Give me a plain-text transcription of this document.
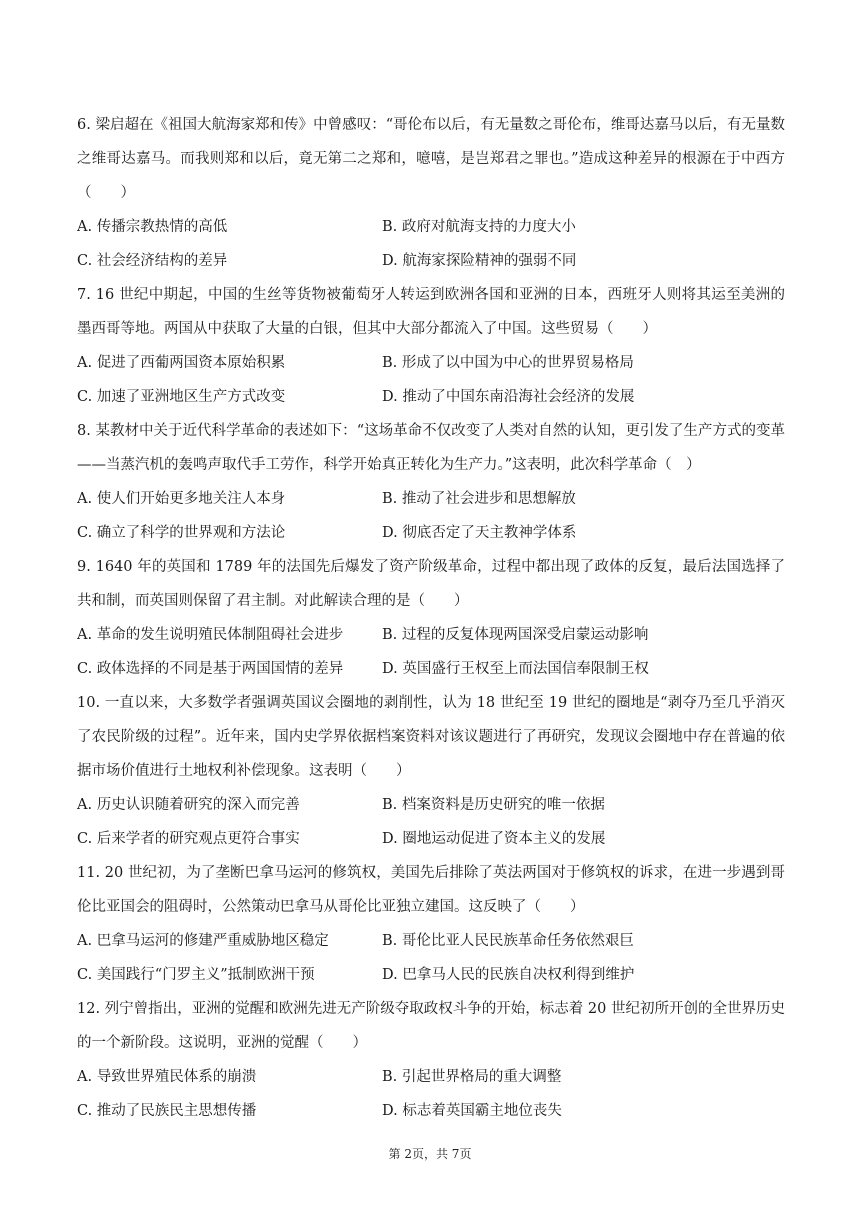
6. 梁启超在《祖国大航海家郑和传》中曾感叹：“哥伦布以后，有无量数之哥伦布，维哥达嘉马以后，有无量数之维哥达嘉马。而我则郑和以后，竟无第二之郑和，噫嘻，是岂郑君之罪也。”造成这种差异的根源在于中西方（　　）

A. 传播宗教热情的高低	B. 政府对航海支持的力度大小
C. 社会经济结构的差异	D. 航海家探险精神的强弱不同

7. 16 世纪中期起，中国的生丝等货物被葡萄牙人转运到欧洲各国和亚洲的日本，西班牙人则将其运至美洲的墨西哥等地。两国从中获取了大量的白银，但其中大部分都流入了中国。这些贸易（　　）

A. 促进了西葡两国资本原始积累	B. 形成了以中国为中心的世界贸易格局
C. 加速了亚洲地区生产方式改变	D. 推动了中国东南沿海社会经济的发展

8. 某教材中关于近代科学革命的表述如下：“这场革命不仅改变了人类对自然的认知，更引发了生产方式的变革——当蒸汽机的轰鸣声取代手工劳作，科学开始真正转化为生产力。”这表明，此次科学革命（　）

A. 使人们开始更多地关注人本身	B. 推动了社会进步和思想解放
C. 确立了科学的世界观和方法论	D. 彻底否定了天主教神学体系

9. 1640 年的英国和 1789 年的法国先后爆发了资产阶级革命，过程中都出现了政体的反复，最后法国选择了共和制，而英国则保留了君主制。对此解读合理的是（　　）

A. 革命的发生说明殖民体制阻碍社会进步	B. 过程的反复体现两国深受启蒙运动影响
C. 政体选择的不同是基于两国国情的差异	D. 英国盛行王权至上而法国信奉限制王权

10. 一直以来，大多数学者强调英国议会圈地的剥削性，认为 18 世纪至 19 世纪的圈地是“剥夺乃至几乎消灭了农民阶级的过程”。近年来，国内史学界依据档案资料对该议题进行了再研究，发现议会圈地中存在普遍的依据市场价值进行土地权利补偿现象。这表明（　　）

A. 历史认识随着研究的深入而完善	B. 档案资料是历史研究的唯一依据
C. 后来学者的研究观点更符合事实	D. 圈地运动促进了资本主义的发展

11. 20 世纪初，为了垄断巴拿马运河的修筑权，美国先后排除了英法两国对于修筑权的诉求，在进一步遇到哥伦比亚国会的阻碍时，公然策动巴拿马从哥伦比亚独立建国。这反映了（　　）

A. 巴拿马运河的修建严重威胁地区稳定	B. 哥伦比亚人民民族革命任务依然艰巨
C. 美国践行“门罗主义”抵制欧洲干预	D. 巴拿马人民的民族自决权利得到维护

12. 列宁曾指出，亚洲的觉醒和欧洲先进无产阶级夺取政权斗争的开始，标志着 20 世纪初所开创的全世界历史的一个新阶段。这说明，亚洲的觉醒（　　）

A. 导致世界殖民体系的崩溃	B. 引起世界格局的重大调整
C. 推动了民族民主思想传播	D. 标志着英国霸主地位丧失
第 2页，共 7页
